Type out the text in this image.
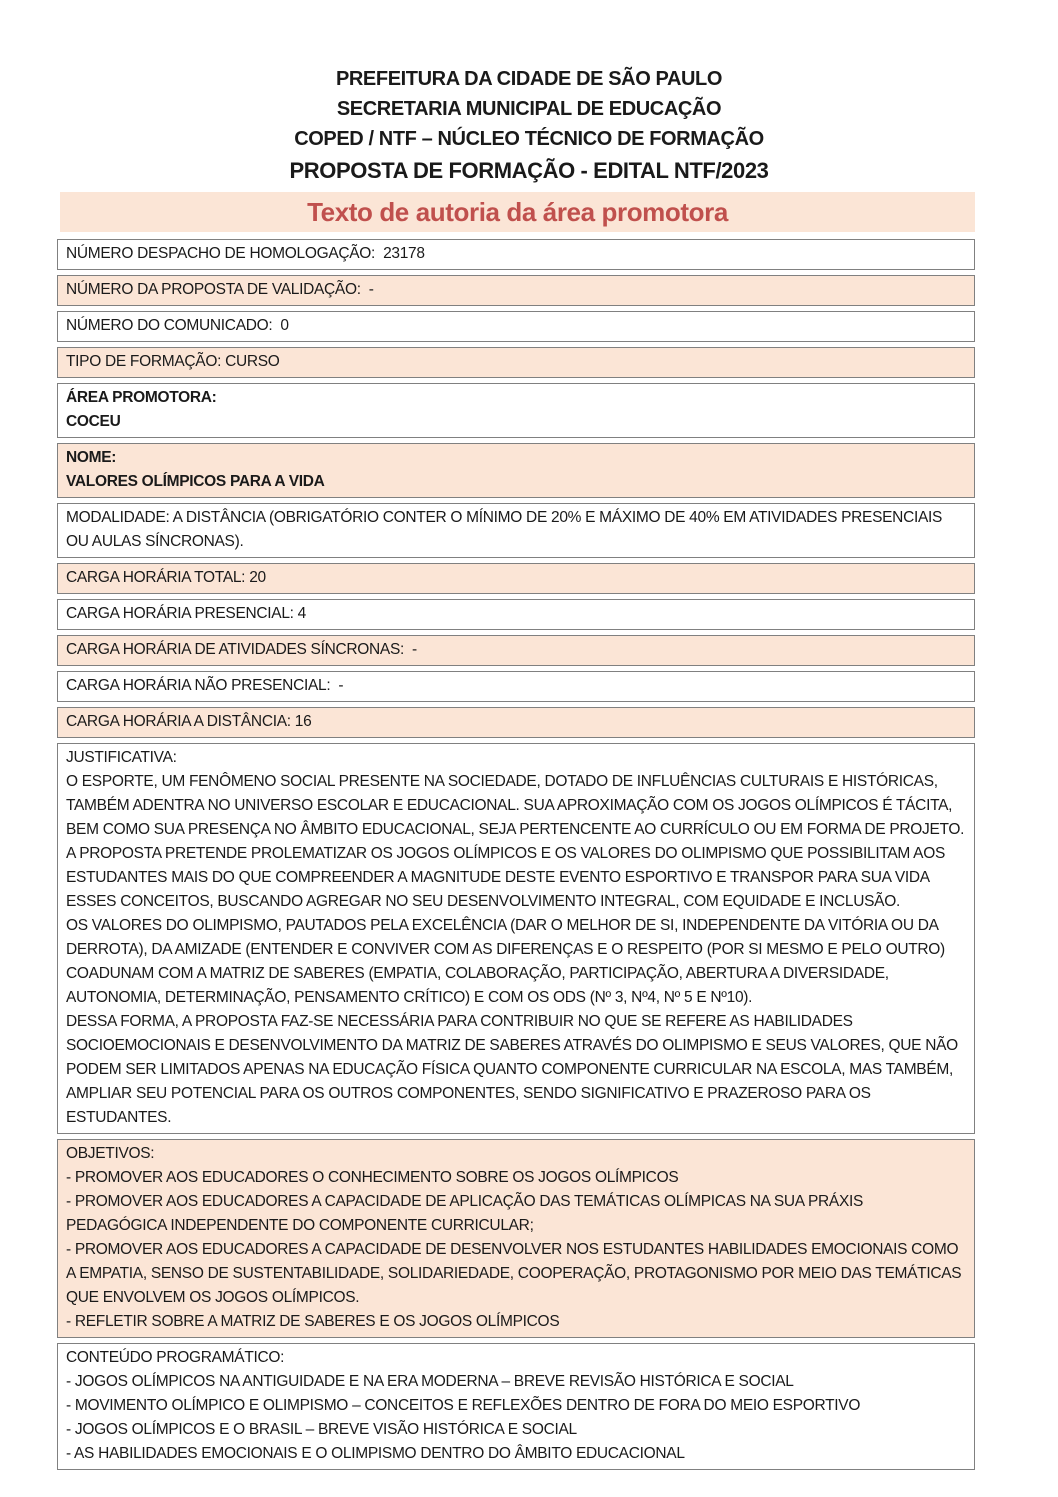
PREFEITURA DA CIDADE DE SÃO PAULO
SECRETARIA MUNICIPAL DE EDUCAÇÃO
COPED / NTF – NÚCLEO TÉCNICO DE FORMAÇÃO
PROPOSTA DE FORMAÇÃO - EDITAL NTF/2023
Texto de autoria da área promotora
NÚMERO DESPACHO DE HOMOLOGAÇÃO:  23178
NÚMERO DA PROPOSTA DE VALIDAÇÃO:  -
NÚMERO DO COMUNICADO:  0
TIPO DE FORMAÇÃO: CURSO
ÁREA PROMOTORA:
COCEU
NOME:
VALORES OLÍMPICOS PARA A VIDA
MODALIDADE: A DISTÂNCIA (OBRIGATÓRIO CONTER O MÍNIMO DE 20% E MÁXIMO DE 40% EM ATIVIDADES PRESENCIAIS OU AULAS SÍNCRONAS).
CARGA HORÁRIA TOTAL: 20
CARGA HORÁRIA PRESENCIAL: 4
CARGA HORÁRIA DE ATIVIDADES SÍNCRONAS:  -
CARGA HORÁRIA NÃO PRESENCIAL:  -
CARGA HORÁRIA A DISTÂNCIA: 16
JUSTIFICATIVA:
O ESPORTE, UM FENÔMENO SOCIAL PRESENTE NA SOCIEDADE, DOTADO DE INFLUÊNCIAS CULTURAIS E HISTÓRICAS, TAMBÉM ADENTRA NO UNIVERSO ESCOLAR E EDUCACIONAL. SUA APROXIMAÇÃO COM OS JOGOS OLÍMPICOS É TÁCITA, BEM COMO SUA PRESENÇA NO ÂMBITO EDUCACIONAL, SEJA PERTENCENTE AO CURRÍCULO OU EM FORMA DE PROJETO. A PROPOSTA PRETENDE PROLEMATIZAR OS JOGOS OLÍMPICOS E OS VALORES DO OLIMPISMO QUE POSSIBILITAM AOS ESTUDANTES MAIS DO QUE COMPREENDER A MAGNITUDE DESTE EVENTO ESPORTIVO E TRANSPOR PARA SUA VIDA ESSES CONCEITOS, BUSCANDO AGREGAR NO SEU DESENVOLVIMENTO INTEGRAL, COM EQUIDADE E INCLUSÃO.
OS VALORES DO OLIMPISMO, PAUTADOS PELA EXCELÊNCIA (DAR O MELHOR DE SI, INDEPENDENTE DA VITÓRIA OU DA DERROTA), DA AMIZADE (ENTENDER E CONVIVER COM AS DIFERENÇAS E O RESPEITO (POR SI MESMO E PELO OUTRO) COADUNAM COM A MATRIZ DE SABERES (EMPATIA, COLABORAÇÃO, PARTICIPAÇÃO, ABERTURA A DIVERSIDADE, AUTONOMIA, DETERMINAÇÃO, PENSAMENTO CRÍTICO) E COM OS ODS (Nº 3, Nº4, Nº 5 E Nº10).
DESSA FORMA, A PROPOSTA FAZ-SE NECESSÁRIA PARA CONTRIBUIR NO QUE SE REFERE AS HABILIDADES SOCIOEMOCIONAIS E DESENVOLVIMENTO DA MATRIZ DE SABERES ATRAVÉS DO OLIMPISMO E SEUS VALORES, QUE NÃO PODEM SER LIMITADOS APENAS NA EDUCAÇÃO FÍSICA QUANTO COMPONENTE CURRICULAR NA ESCOLA, MAS TAMBÉM, AMPLIAR SEU POTENCIAL PARA OS OUTROS COMPONENTES, SENDO SIGNIFICATIVO E PRAZEROSO PARA OS ESTUDANTES.
OBJETIVOS:
- PROMOVER AOS EDUCADORES O CONHECIMENTO SOBRE OS JOGOS OLÍMPICOS
- PROMOVER AOS EDUCADORES A CAPACIDADE DE APLICAÇÃO DAS TEMÁTICAS OLÍMPICAS NA SUA PRÁXIS PEDAGÓGICA INDEPENDENTE DO COMPONENTE CURRICULAR;
- PROMOVER AOS EDUCADORES A CAPACIDADE DE DESENVOLVER NOS ESTUDANTES HABILIDADES EMOCIONAIS COMO A EMPATIA, SENSO DE SUSTENTABILIDADE, SOLIDARIEDADE, COOPERAÇÃO, PROTAGONISMO POR MEIO DAS TEMÁTICAS QUE ENVOLVEM OS JOGOS OLÍMPICOS.
- REFLETIR SOBRE A MATRIZ DE SABERES E OS JOGOS OLÍMPICOS
CONTEÚDO PROGRAMÁTICO:
- JOGOS OLÍMPICOS NA ANTIGUIDADE E NA ERA MODERNA – BREVE REVISÃO HISTÓRICA E SOCIAL
- MOVIMENTO OLÍMPICO E OLIMPISMO – CONCEITOS E REFLEXÕES DENTRO DE FORA DO MEIO ESPORTIVO
- JOGOS OLÍMPICOS E O BRASIL – BREVE VISÃO HISTÓRICA E SOCIAL
- AS HABILIDADES EMOCIONAIS E O OLIMPISMO DENTRO DO ÂMBITO EDUCACIONAL
